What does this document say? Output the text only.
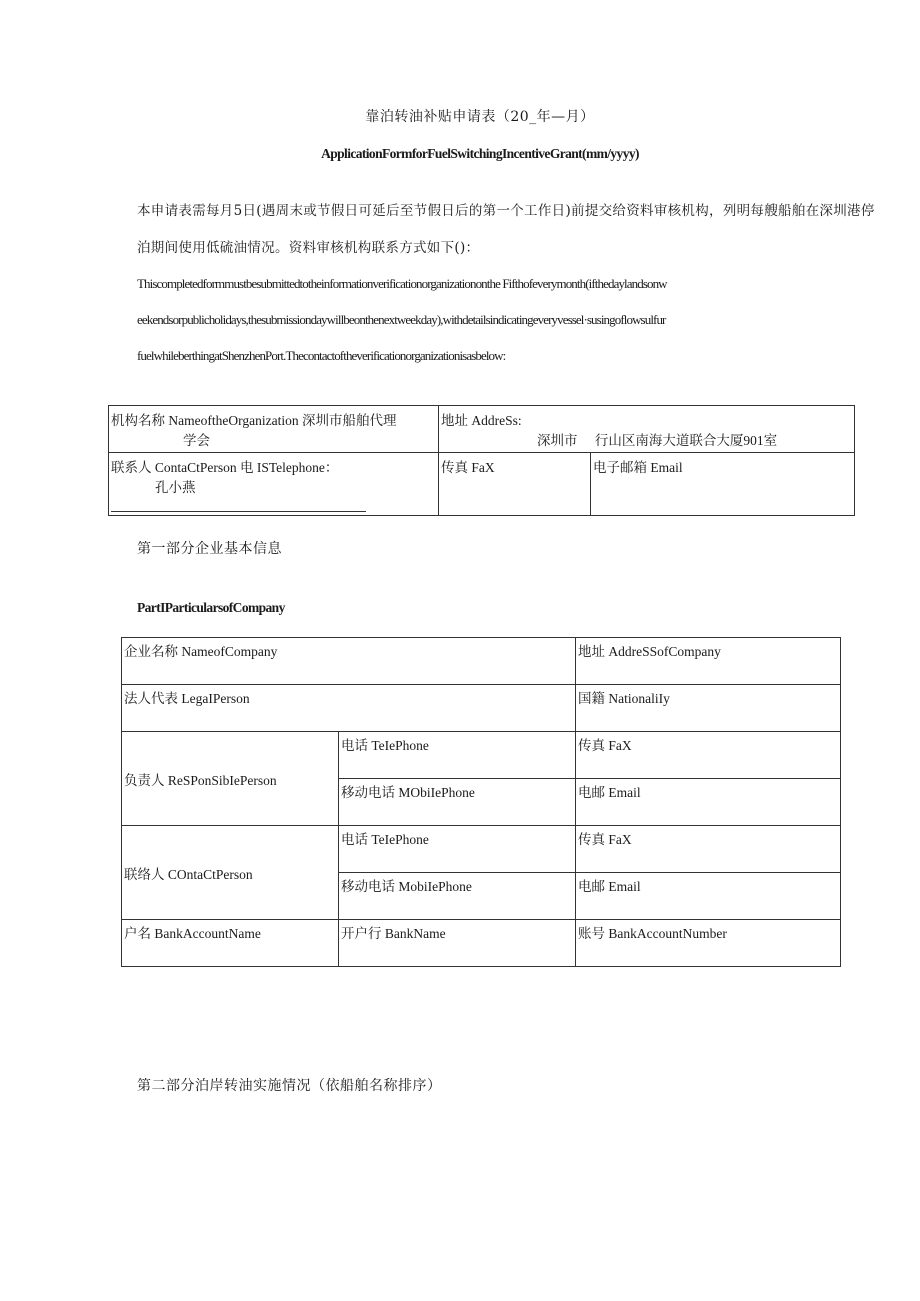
靠泊转油补贴申请表（20_年—月）
ApplicationFormforFuelSwitchingIncentiveGrant(mm/yyyy)
本申请表需每月5日(遇周末或节假日可延后至节假日后的第一个工作日)前提交给资料审核机构，列明每艘船舶在深圳港停泊期间使用低硫油情况。资料审核机构联系方式如下()：
Thiscompletedformmustbesubmittedtotheinformationverificationorganizationonthe Fifthofeverymonth(ifthedaylandsonw
eekendsorpublicholidays,thesubmissiondaywillbeonthenextweekday),withdetailsindicatingeveryvessel·susingoflowsulfur
fuelwhileberthingatShenzhenPort.Thecontactoftheverificationorganizationisasbelow:
机构名称 NameoftheOrganization 深圳巿船舶代理
学会	地址 AddreSs:
深圳市 行山区南海大道联合大厦901室	
联系人 ContaCtPerson 电 ISTelephone：
孔小燕	传真 FaX	电子邮箱 Email
第一部分企业基本信息
PartIParticularsofCompany
企业名称 NameofCompany		地址 AddreSSofCompany
法人代表 LegaIPerson		国籍 NationaliIy
负责人 ReSPonSibIePerson	电话 TeIePhone	传真 FaX
	移动电话 MObiIePhone	电邮 Email
联络人 COntaCtPerson	电话 TeIePhone	传真 FaX
	移动电话 MobiIePhone	电邮 Email
户名 BankAccountName	开户行 BankName	账号 BankAccountNumber
第二部分泊岸转油实施情况（依船舶名称排序）
